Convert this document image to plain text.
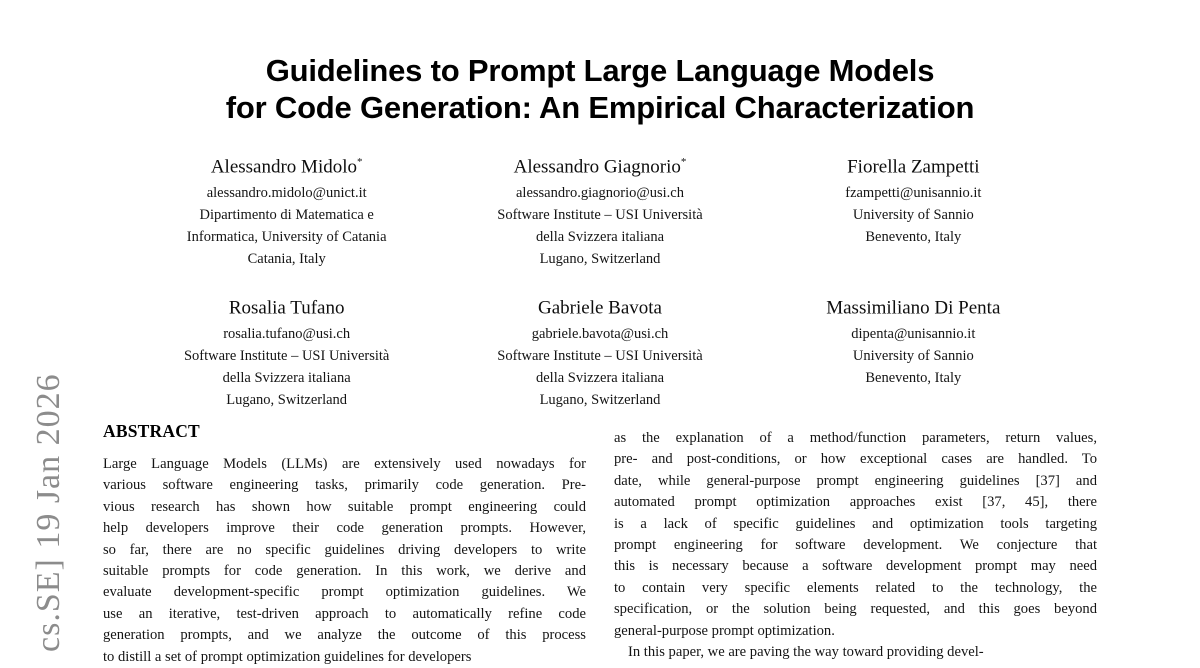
cs.SE] 19 Jan 2026
Guidelines to Prompt Large Language Models
for Code Generation: An Empirical Characterization
Alessandro Midolo*
alessandro.midolo@unict.it
Dipartimento di Matematica e
Informatica, University of Catania
Catania, Italy
Alessandro Giagnorio*
alessandro.giagnorio@usi.ch
Software Institute – USI Università
della Svizzera italiana
Lugano, Switzerland
Fiorella Zampetti
fzampetti@unisannio.it
University of Sannio
Benevento, Italy
Rosalia Tufano
rosalia.tufano@usi.ch
Software Institute – USI Università
della Svizzera italiana
Lugano, Switzerland
Gabriele Bavota
gabriele.bavota@usi.ch
Software Institute – USI Università
della Svizzera italiana
Lugano, Switzerland
Massimiliano Di Penta
dipenta@unisannio.it
University of Sannio
Benevento, Italy
ABSTRACT
Large Language Models (LLMs) are extensively used nowadays for
various software engineering tasks, primarily code generation. Pre-
vious research has shown how suitable prompt engineering could
help developers improve their code generation prompts. However,
so far, there are no specific guidelines driving developers to write
suitable prompts for code generation. In this work, we derive and
evaluate development-specific prompt optimization guidelines. We
use an iterative, test-driven approach to automatically refine code
generation prompts, and we analyze the outcome of this process
to distill a set of prompt optimization guidelines for developers
as the explanation of a method/function parameters, return values,
pre- and post-conditions, or how exceptional cases are handled. To
date, while general-purpose prompt engineering guidelines [37] and
automated prompt optimization approaches exist [37, 45], there
is a lack of specific guidelines and optimization tools targeting
prompt engineering for software development. We conjecture that
this is necessary because a software development prompt may need
to contain very specific elements related to the technology, the
specification, or the solution being requested, and this goes beyond
general-purpose prompt optimization.
In this paper, we are paving the way toward providing devel-
